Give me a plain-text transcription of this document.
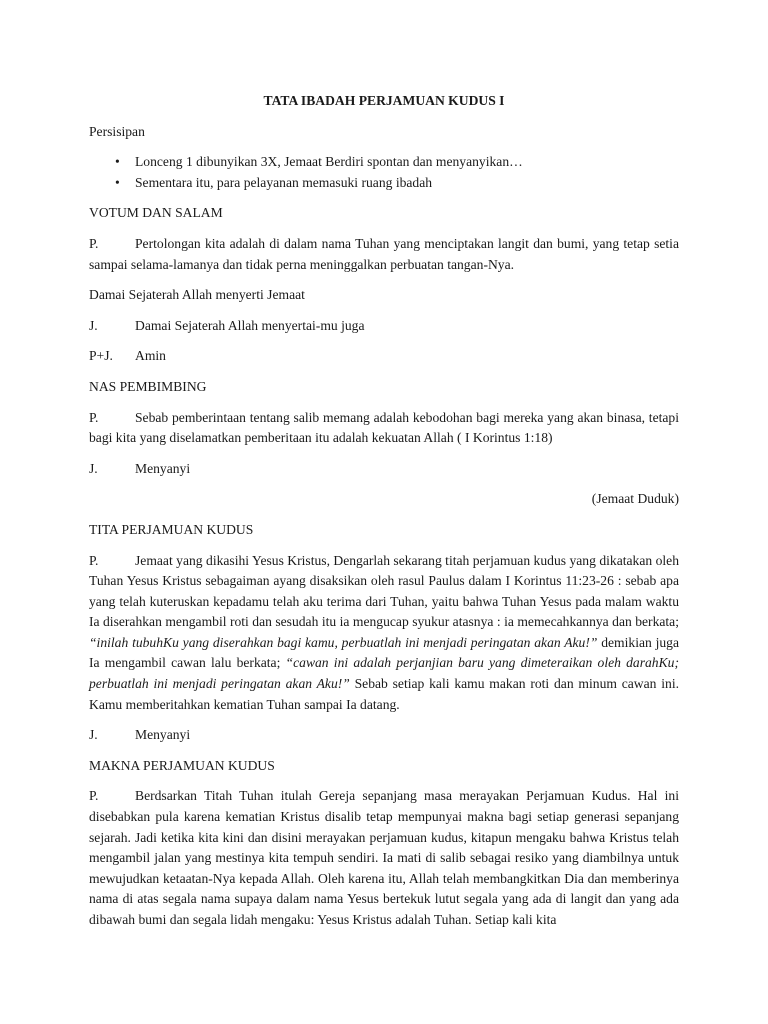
TATA IBADAH PERJAMUAN KUDUS I
Persisipan
• Lonceng 1 dibunyikan 3X, Jemaat Berdiri spontan dan menyanyikan…
• Sementara itu, para pelayanan memasuki ruang ibadah
VOTUM DAN SALAM

P.	Pertolongan kita adalah di dalam nama Tuhan yang menciptakan langit dan bumi, yang tetap setia sampai selama-lamanya dan tidak perna meninggalkan perbuatan tangan-Nya.

Damai Sejaterah Allah menyerti Jemaat
J.	Damai Sejaterah Allah menyertai-mu juga
P+J. Amin
NAS PEMBIMBING

P.	Sebab pemberintaan tentang salib memang adalah kebodohan bagi mereka yang akan binasa, tetapi bagi kita yang diselamatkan pemberitaan itu adalah kekuatan Allah ( I Korintus 1:18)

J.	Menyanyi
(Jemaat Duduk)
TITA PERJAMUAN KUDUS

P.	Jemaat yang dikasihi Yesus Kristus, Dengarlah sekarang titah perjamuan kudus yang dikatakan oleh Tuhan Yesus Kristus sebagaiman ayang disaksikan oleh rasul Paulus dalam I Korintus 11:23-26 : sebab apa yang telah kuteruskan kepadamu telah aku terima dari Tuhan, yaitu bahwa Tuhan Yesus pada malam waktu Ia diserahkan mengambil roti dan sesudah itu ia mengucap syukur atasnya : ia memecahkannya dan berkata; “inilah tubuhKu yang diserahkan bagi kamu, perbuatlah ini menjadi peringatan akan Aku!” demikian juga Ia mengambil cawan lalu berkata; “cawan ini adalah perjanjian baru yang dimeteraikan oleh darahKu; perbuatlah ini menjadi peringatan akan Aku!” Sebab setiap kali kamu makan roti dan minum cawan ini. Kamu memberitahkan kematian Tuhan sampai Ia datang.

J.	Menyanyi
MAKNA PERJAMUAN KUDUS

P.	Berdsarkan Titah Tuhan itulah Gereja sepanjang masa merayakan Perjamuan Kudus. Hal ini disebabkan pula karena kematian Kristus disalib tetap mempunyai makna bagi setiap generasi sepanjang sejarah. Jadi ketika kita kini dan disini merayakan perjamuan kudus, kitapun mengaku bahwa Kristus telah mengambil jalan yang mestinya kita tempuh sendiri. Ia mati di salib sebagai resiko yang diambilnya untuk mewujudkan ketaatan-Nya kepada Allah. Oleh karena itu, Allah telah membangkitkan Dia dan memberinya nama di atas segala nama supaya dalam nama Yesus bertekuk lutut segala yang ada di langit dan yang ada dibawah bumi dan segala lidah mengaku: Yesus Kristus adalah Tuhan. Setiap kali kita
